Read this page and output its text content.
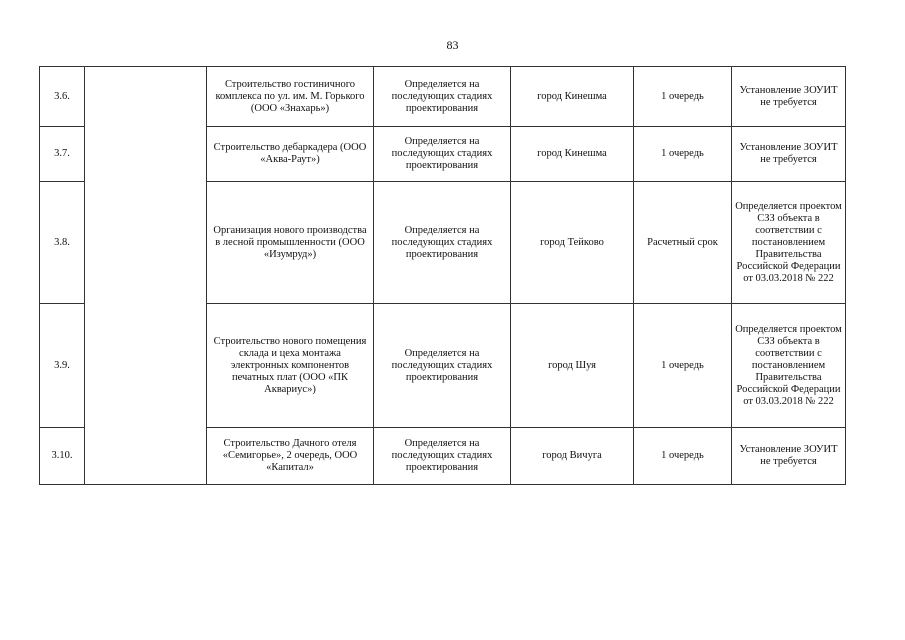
83
3.6.		Строительство гостиничного комплекса по ул. им. М. Горького (ООО «Знахарь»)	Определяется на последующих стадиях проектирования	город Кинешма	1 очередь	Установление ЗОУИТ не требуется
3.7.		Строительство дебаркадера (ООО «Аква-Раут»)	Определяется на последующих стадиях проектирования	город Кинешма	1 очередь	Установление ЗОУИТ не требуется
3.8.		Организация нового производства в лесной промышленности (ООО «Изумруд»)	Определяется на последующих стадиях проектирования	город Тейково	Расчетный срок	Определяется проектом СЗЗ объекта в соответствии с постановлением Правительства Российской Федерации от 03.03.2018 № 222
3.9.		Строительство нового помещения склада и цеха монтажа электронных компонентов печатных плат (ООО «ПК Аквариус»)	Определяется на последующих стадиях проектирования	город Шуя	1 очередь	Определяется проектом СЗЗ объекта в соответствии с постановлением Правительства Российской Федерации от 03.03.2018 № 222
3.10.		Строительство Дачного отеля «Семигорье», 2 очередь, ООО «Капитал»	Определяется на последующих стадиях проектирования	город Вичуга	1 очередь	Установление ЗОУИТ не требуется
